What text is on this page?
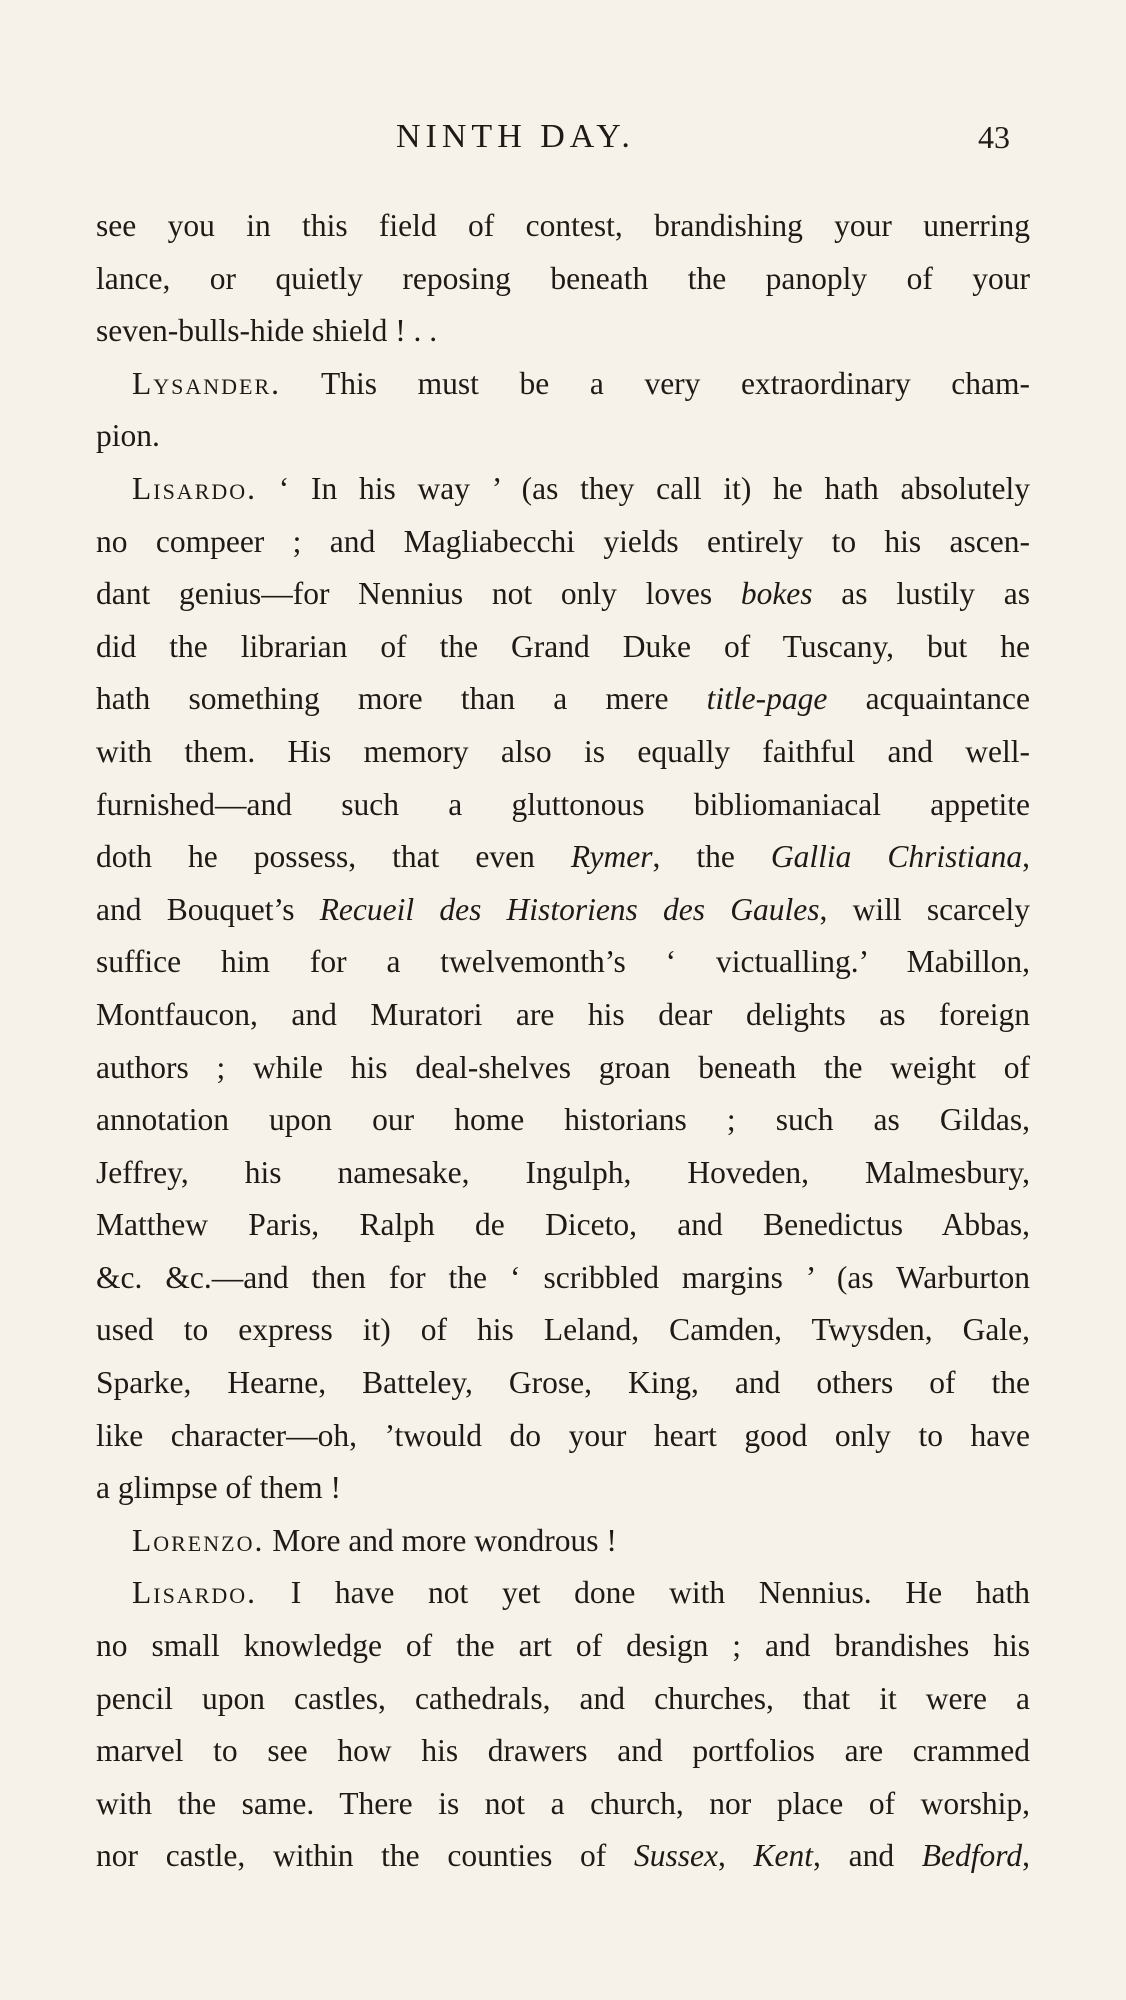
NINTH DAY.	43
see you in this field of contest, brandishing your unerring
lance, or quietly reposing beneath the panoply of your
seven-bulls-hide shield ! . .
Lysander. This must be a very extraordinary cham-
pion.
Lisardo. ‘ In his way ’ (as they call it) he hath absolutely
no compeer ; and Magliabecchi yields entirely to his ascen-
dant genius—for Nennius not only loves bokes as lustily as
did the librarian of the Grand Duke of Tuscany, but he
hath something more than a mere title-page acquaintance
with them. His memory also is equally faithful and well-
furnished—and such a gluttonous bibliomaniacal appetite
doth he possess, that even Rymer, the Gallia Christiana,
and Bouquet’s Recueil des Historiens des Gaules, will scarcely
suffice him for a twelvemonth’s ‘ victualling.’ Mabillon,
Montfaucon, and Muratori are his dear delights as foreign
authors ; while his deal-shelves groan beneath the weight of
annotation upon our home historians ; such as Gildas,
Jeffrey, his namesake, Ingulph, Hoveden, Malmesbury,
Matthew Paris, Ralph de Diceto, and Benedictus Abbas,
&c. &c.—and then for the ‘ scribbled margins ’ (as Warburton
used to express it) of his Leland, Camden, Twysden, Gale,
Sparke, Hearne, Batteley, Grose, King, and others of the
like character—oh, ’twould do your heart good only to have
a glimpse of them !
Lorenzo. More and more wondrous !
Lisardo. I have not yet done with Nennius. He hath
no small knowledge of the art of design ; and brandishes his
pencil upon castles, cathedrals, and churches, that it were a
marvel to see how his drawers and portfolios are crammed
with the same. There is not a church, nor place of worship,
nor castle, within the counties of Sussex, Kent, and Bedford,
